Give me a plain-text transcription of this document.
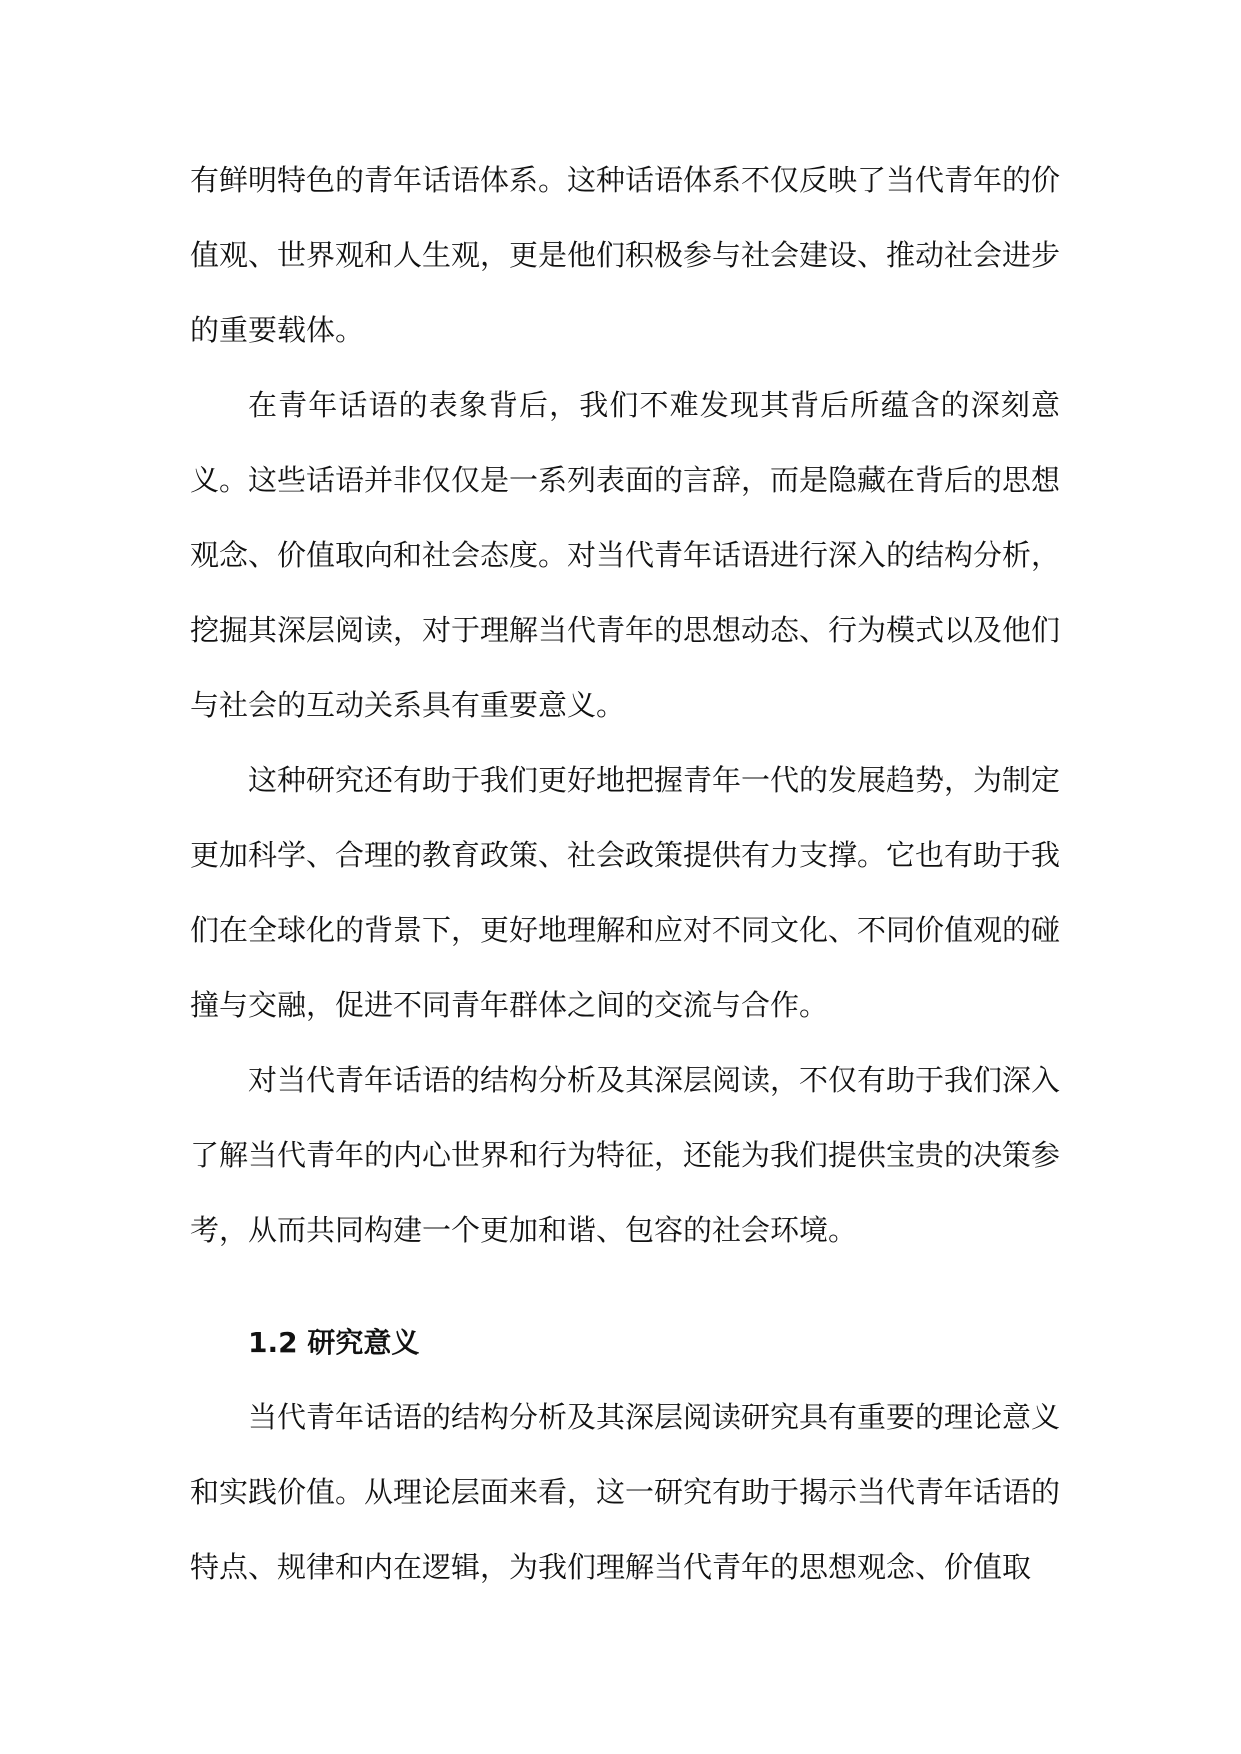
有鲜明特色的青年话语体系。这种话语体系不仅反映了当代青年的价值观、世界观和人生观，更是他们积极参与社会建设、推动社会进步的重要载体。

在青年话语的表象背后，我们不难发现其背后所蕴含的深刻意义。这些话语并非仅仅是一系列表面的言辞，而是隐藏在背后的思想观念、价值取向和社会态度。对当代青年话语进行深入的结构分析，挖掘其深层阅读，对于理解当代青年的思想动态、行为模式以及他们与社会的互动关系具有重要意义。

这种研究还有助于我们更好地把握青年一代的发展趋势，为制定更加科学、合理的教育政策、社会政策提供有力支撑。它也有助于我们在全球化的背景下，更好地理解和应对不同文化、不同价值观的碰撞与交融，促进不同青年群体之间的交流与合作。

对当代青年话语的结构分析及其深层阅读，不仅有助于我们深入了解当代青年的内心世界和行为特征，还能为我们提供宝贵的决策参考，从而共同构建一个更加和谐、包容的社会环境。

1.2 研究意义

当代青年话语的结构分析及其深层阅读研究具有重要的理论意义和实践价值。从理论层面来看，这一研究有助于揭示当代青年话语的特点、规律和内在逻辑，为我们理解当代青年的思想观念、价值取
